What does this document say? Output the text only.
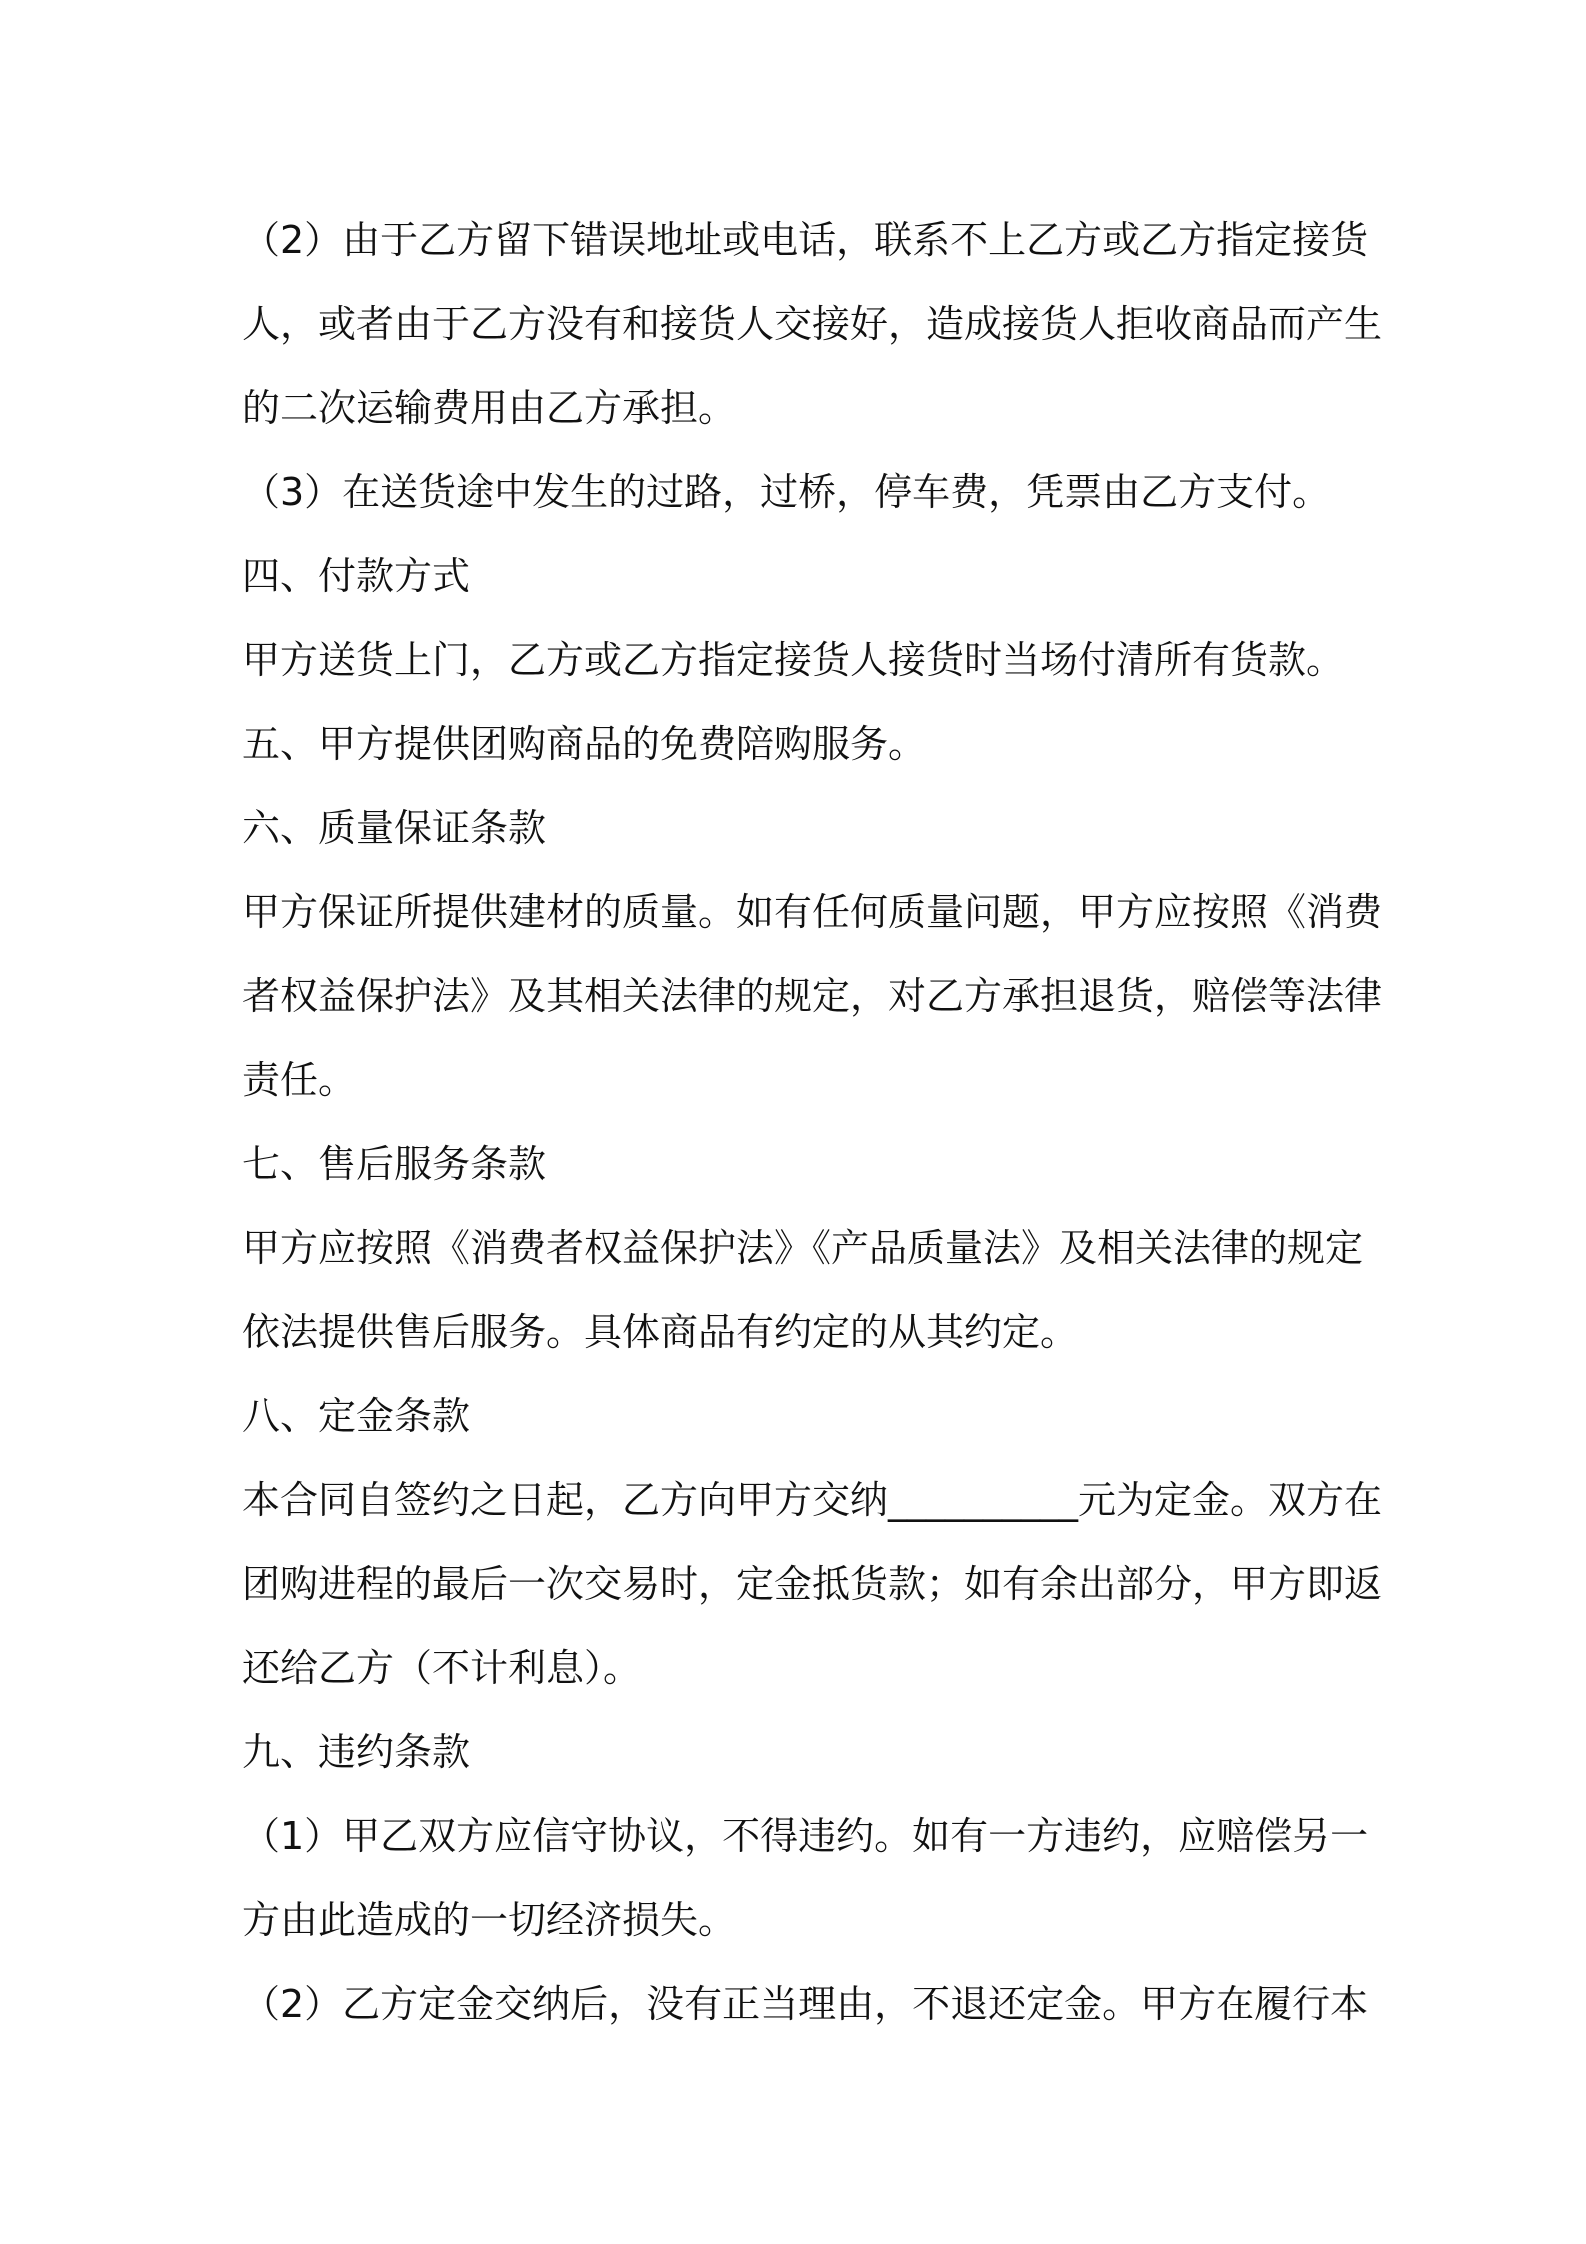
（2）由于乙方留下错误地址或电话，联系不上乙方或乙方指定接货
人，或者由于乙方没有和接货人交接好，造成接货人拒收商品而产生
的二次运输费用由乙方承担。
（3）在送货途中发生的过路，过桥，停车费，凭票由乙方支付。
四、付款方式
甲方送货上门，乙方或乙方指定接货人接货时当场付清所有货款。
五、甲方提供团购商品的免费陪购服务。
六、质量保证条款
甲方保证所提供建材的质量。如有任何质量问题，甲方应按照《消费
者权益保护法》及其相关法律的规定，对乙方承担退货，赔偿等法律
责任。
七、售后服务条款
甲方应按照《消费者权益保护法》《产品质量法》及相关法律的规定
依法提供售后服务。具体商品有约定的从其约定。
八、定金条款
本合同自签约之日起，乙方向甲方交纳__________元为定金。双方在
团购进程的最后一次交易时，定金抵货款；如有余出部分，甲方即返
还给乙方（不计利息）。
九、违约条款
（1）甲乙双方应信守协议，不得违约。如有一方违约，应赔偿另一
方由此造成的一切经济损失。
（2）乙方定金交纳后，没有正当理由，不退还定金。甲方在履行本
